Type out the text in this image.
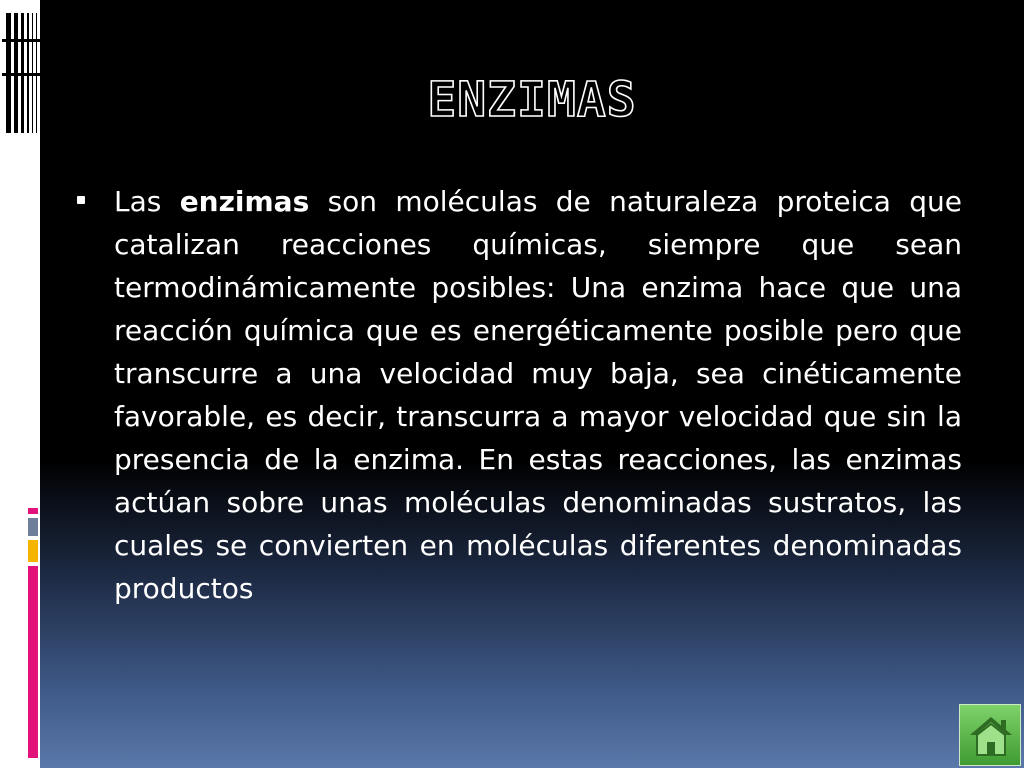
ENZIMAS

Las enzimas son moléculas de naturaleza proteica que catalizan reacciones químicas, siempre que sean termodinámicamente posibles: Una enzima hace que una reacción química que es energéticamente posible pero que transcurre a una velocidad muy baja, sea cinéticamente favorable, es decir, transcurra a mayor velocidad que sin la presencia de la enzima. En estas reacciones, las enzimas actúan sobre unas moléculas denominadas sustratos, las cuales se convierten en moléculas diferentes denominadas productos
